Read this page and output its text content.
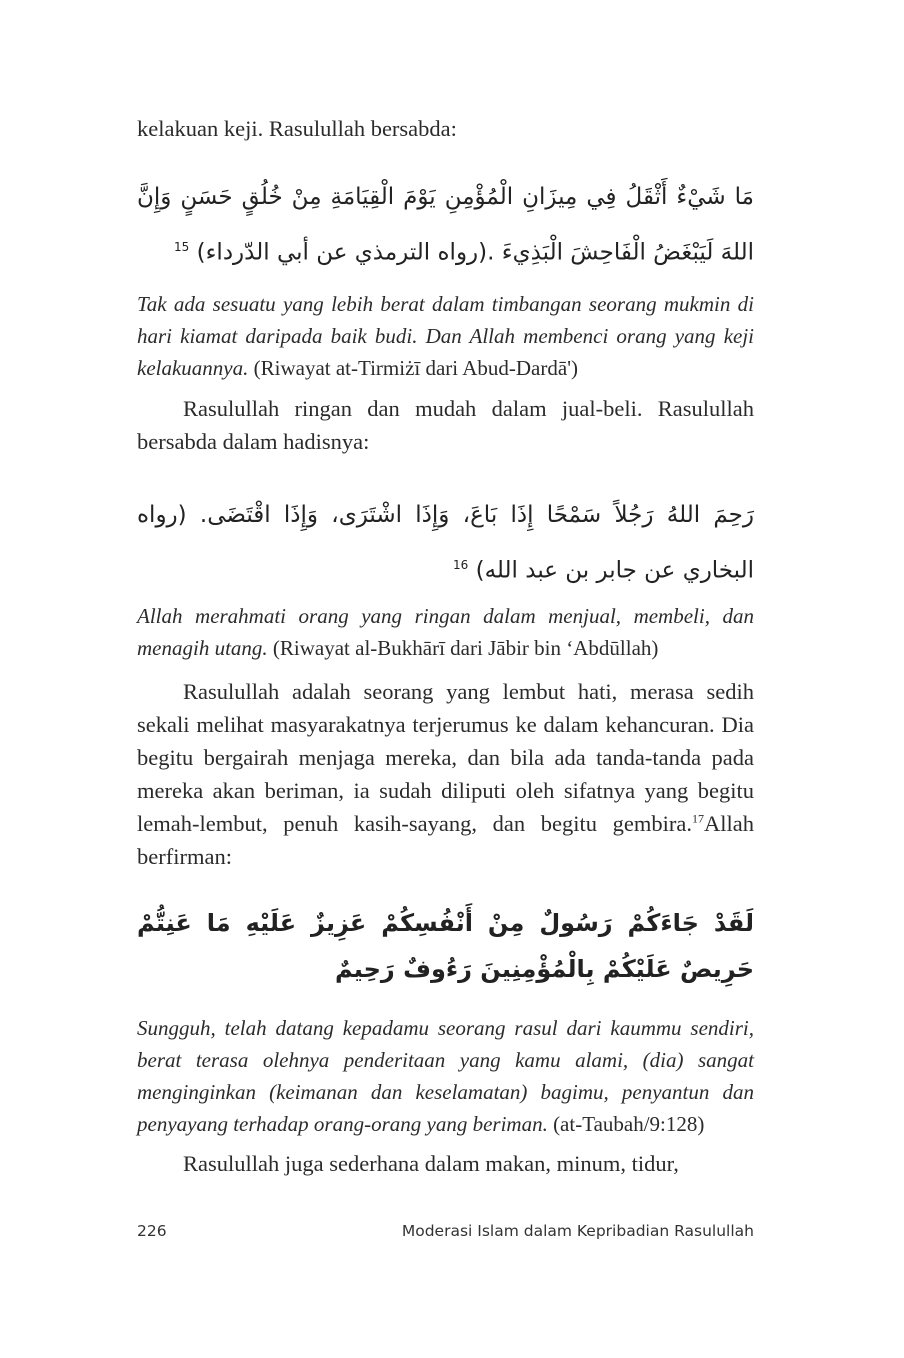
kelakuan keji. Rasulullah bersabda:
مَا شَيْءٌ أَثْقَلُ فِي مِيزَانِ الْمُؤْمِنِ يَوْمَ الْقِيَامَةِ مِنْ خُلُقٍ حَسَنٍ وَإِنَّ اللهَ لَيَبْغَضُ الْفَاحِشَ الْبَذِيءَ .(رواه الترمذي عن أبي الدّرداء) $^{15}$
Tak ada sesuatu yang lebih berat dalam timbangan seorang mukmin di hari kiamat daripada baik budi. Dan Allah membenci orang yang keji kelakuannya. (Riwayat at-Tirmiżī dari Abud-Dardā')
Rasulullah ringan dan mudah dalam jual-beli. Rasulullah bersabda dalam hadisnya:
رَحِمَ اللهُ رَجُلاً سَمْحًا إِذَا بَاعَ، وَإِذَا اشْتَرَى، وَإِذَا اقْتَضَى. (رواه البخاري عن جابر بن عبد الله) $^{16}$
Allah merahmati orang yang ringan dalam menjual, membeli, dan menagih utang. (Riwayat al-Bukhārī dari Jābir bin ‘Abdūllah)
Rasulullah adalah seorang yang lembut hati, merasa sedih sekali melihat masyarakatnya terjerumus ke dalam kehancuran. Dia begitu bergairah menjaga mereka, dan bila ada tanda-tanda pada mereka akan beriman, ia sudah diliputi oleh sifatnya yang begitu lemah-lembut, penuh kasih-sayang, dan begitu gembira.$^{17}$Allah berfirman:
لَقَدْ جَاءَكُمْ رَسُولٌ مِنْ أَنْفُسِكُمْ عَزِيزٌ عَلَيْهِ مَا عَنِتُّمْ حَرِيصٌ عَلَيْكُمْ بِالْمُؤْمِنِينَ رَءُوفٌ رَحِيمٌ
Sungguh, telah datang kepadamu seorang rasul dari kaummu sendiri, berat terasa olehnya penderitaan yang kamu alami, (dia) sangat menginginkan (keimanan dan keselamatan) bagimu, penyantun dan penyayang terhadap orang-orang yang beriman. (at-Taubah/9:128)
Rasulullah juga sederhana dalam makan, minum, tidur,
226	Moderasi Islam dalam Kepribadian Rasulullah
